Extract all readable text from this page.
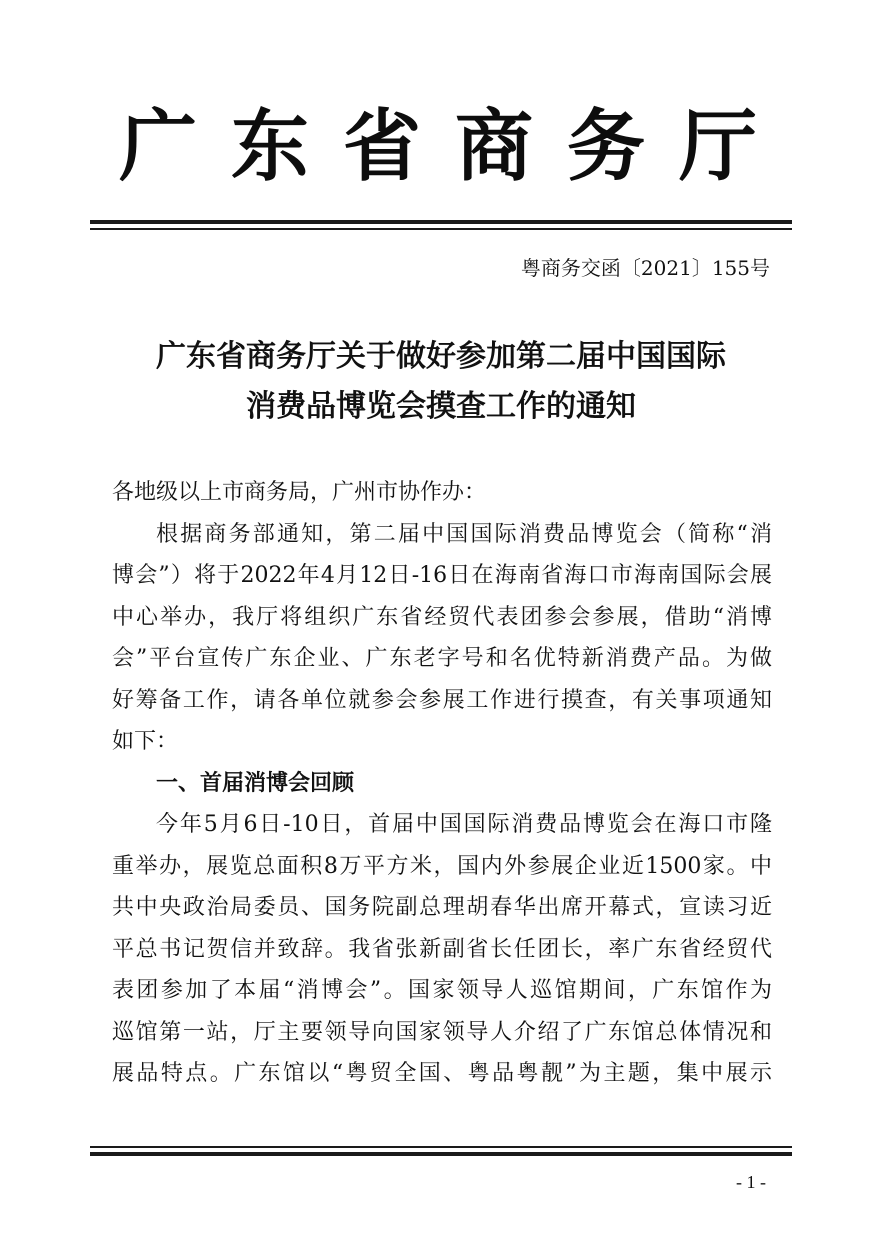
广东省商务厅
粤商务交函〔2021〕155号
广东省商务厅关于做好参加第二届中国国际
消费品博览会摸查工作的通知
各地级以上市商务局，广州市协作办：
根据商务部通知，第二届中国国际消费品博览会（简称“消
博会”）将于2022年4月12日-16日在海南省海口市海南国际会展
中心举办，我厅将组织广东省经贸代表团参会参展，借助“消博
会”平台宣传广东企业、广东老字号和名优特新消费产品。为做
好筹备工作，请各单位就参会参展工作进行摸查，有关事项通知
如下：
一、首届消博会回顾
今年5月6日-10日，首届中国国际消费品博览会在海口市隆
重举办，展览总面积8万平方米，国内外参展企业近1500家。中
共中央政治局委员、国务院副总理胡春华出席开幕式，宣读习近
平总书记贺信并致辞。我省张新副省长任团长，率广东省经贸代
表团参加了本届“消博会”。国家领导人巡馆期间，广东馆作为
巡馆第一站，厅主要领导向国家领导人介绍了广东馆总体情况和
展品特点。广东馆以“粤贸全国、粤品粤靓”为主题，集中展示
- 1 -
